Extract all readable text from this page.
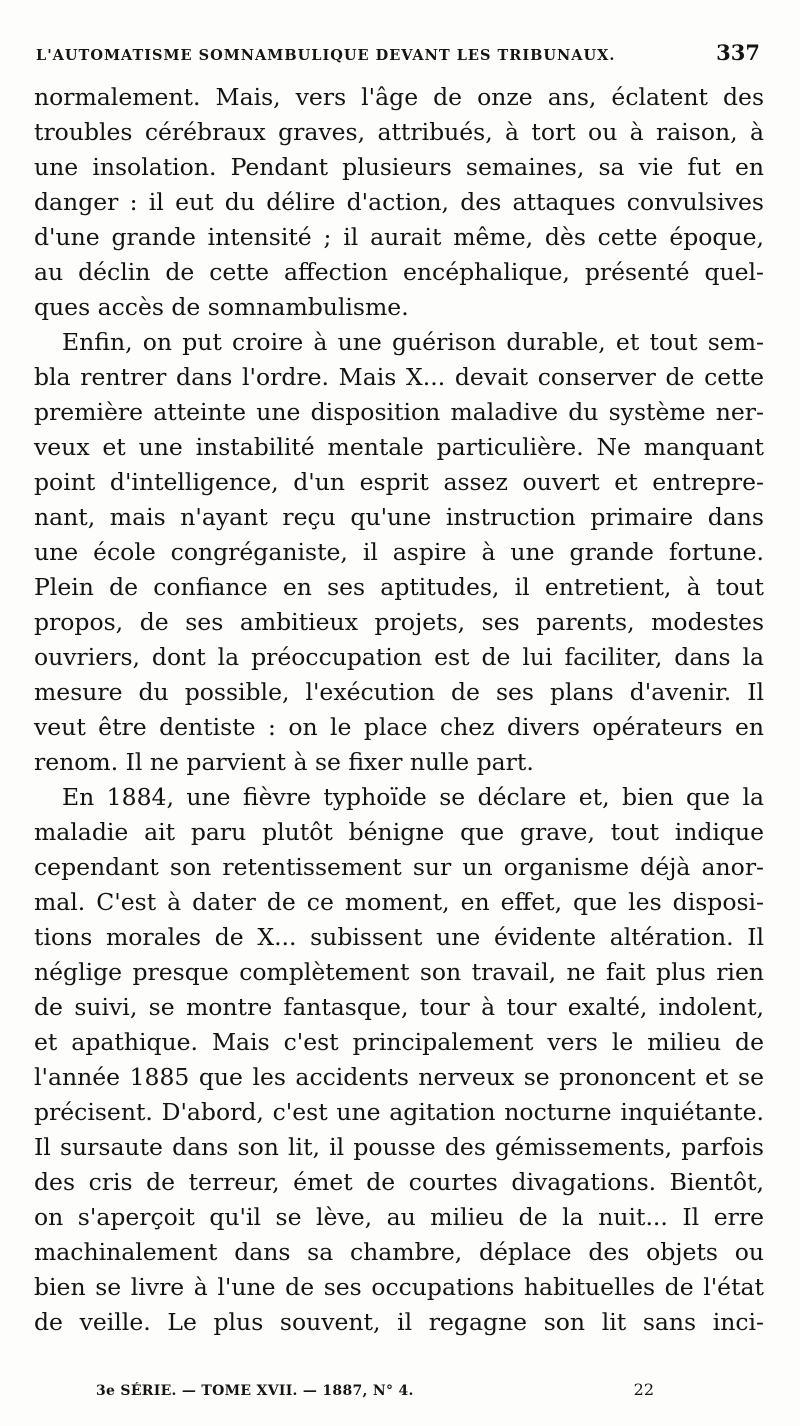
L'AUTOMATISME SOMNAMBULIQUE DEVANT LES TRIBUNAUX.	337
normalement. Mais, vers l'âge de onze ans, éclatent des
troubles cérébraux graves, attribués, à tort ou à raison, à
une insolation. Pendant plusieurs semaines, sa vie fut en
danger : il eut du délire d'action, des attaques convulsives
d'une grande intensité ; il aurait même, dès cette époque,
au déclin de cette affection encéphalique, présenté quel-
ques accès de somnambulisme.
Enfin, on put croire à une guérison durable, et tout sem-
bla rentrer dans l'ordre. Mais X... devait conserver de cette
première atteinte une disposition maladive du système ner-
veux et une instabilité mentale particulière. Ne manquant
point d'intelligence, d'un esprit assez ouvert et entrepre-
nant, mais n'ayant reçu qu'une instruction primaire dans
une école congréganiste, il aspire à une grande fortune.
Plein de confiance en ses aptitudes, il entretient, à tout
propos, de ses ambitieux projets, ses parents, modestes
ouvriers, dont la préoccupation est de lui faciliter, dans la
mesure du possible, l'exécution de ses plans d'avenir. Il
veut être dentiste : on le place chez divers opérateurs en
renom. Il ne parvient à se fixer nulle part.
En 1884, une fièvre typhoïde se déclare et, bien que la
maladie ait paru plutôt bénigne que grave, tout indique
cependant son retentissement sur un organisme déjà anor-
mal. C'est à dater de ce moment, en effet, que les disposi-
tions morales de X... subissent une évidente altération. Il
néglige presque complètement son travail, ne fait plus rien
de suivi, se montre fantasque, tour à tour exalté, indolent,
et apathique. Mais c'est principalement vers le milieu de
l'année 1885 que les accidents nerveux se prononcent et se
précisent. D'abord, c'est une agitation nocturne inquiétante.
Il sursaute dans son lit, il pousse des gémissements, parfois
des cris de terreur, émet de courtes divagations. Bientôt,
on s'aperçoit qu'il se lève, au milieu de la nuit... Il erre
machinalement dans sa chambre, déplace des objets ou
bien se livre à l'une de ses occupations habituelles de l'état
de veille. Le plus souvent, il regagne son lit sans inci-
3e SÉRIE. — TOME XVII. — 1887, N° 4.	22
